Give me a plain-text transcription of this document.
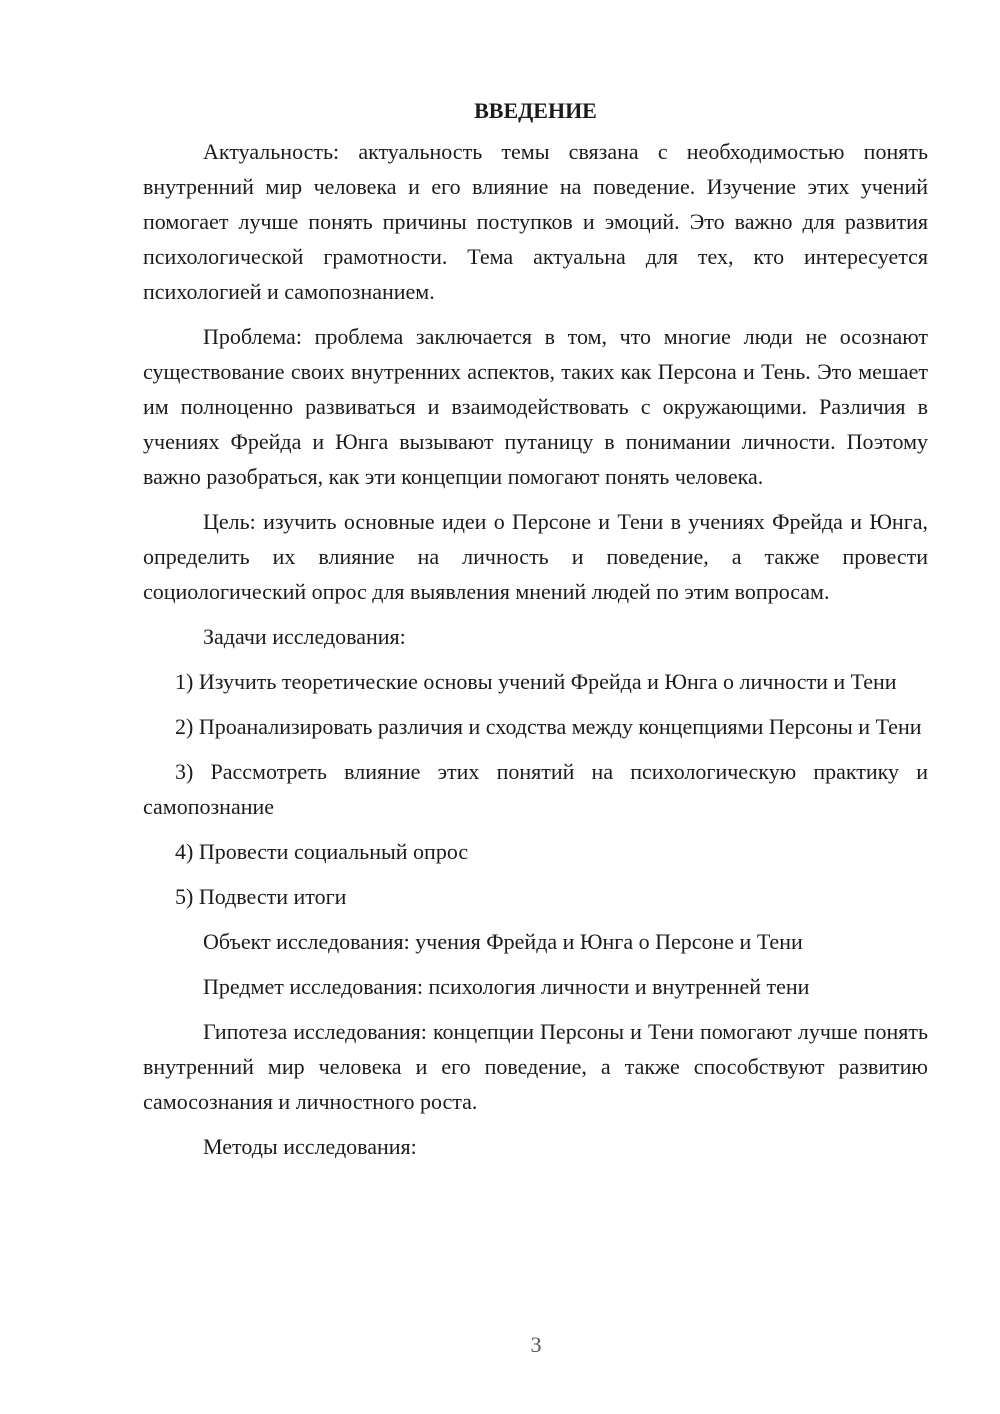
ВВЕДЕНИЕ

Актуальность: актуальность темы связана с необходимостью понять внутренний мир человека и его влияние на поведение. Изучение этих учений помогает лучше понять причины поступков и эмоций. Это важно для развития психологической грамотности. Тема актуальна для тех, кто интересуется психологией и самопознанием.

Проблема: проблема заключается в том, что многие люди не осознают существование своих внутренних аспектов, таких как Персона и Тень. Это мешает им полноценно развиваться и взаимодействовать с окружающими. Различия в учениях Фрейда и Юнга вызывают путаницу в понимании личности. Поэтому важно разобраться, как эти концепции помогают понять человека.

Цель: изучить основные идеи о Персоне и Тени в учениях Фрейда и Юнга, определить их влияние на личность и поведение, а также провести социологический опрос для выявления мнений людей по этим вопросам.

Задачи исследования:

1) Изучить теоретические основы учений Фрейда и Юнга о личности и Тени

2) Проанализировать различия и сходства между концепциями Персоны и Тени

3) Рассмотреть влияние этих понятий на психологическую практику и самопознание

4) Провести социальный опрос

5) Подвести итоги

Объект исследования: учения Фрейда и Юнга о Персоне и Тени

Предмет исследования: психология личности и внутренней тени

Гипотеза исследования: концепции Персоны и Тени помогают лучше понять внутренний мир человека и его поведение, а также способствуют развитию самосознания и личностного роста.

Методы исследования:

3
